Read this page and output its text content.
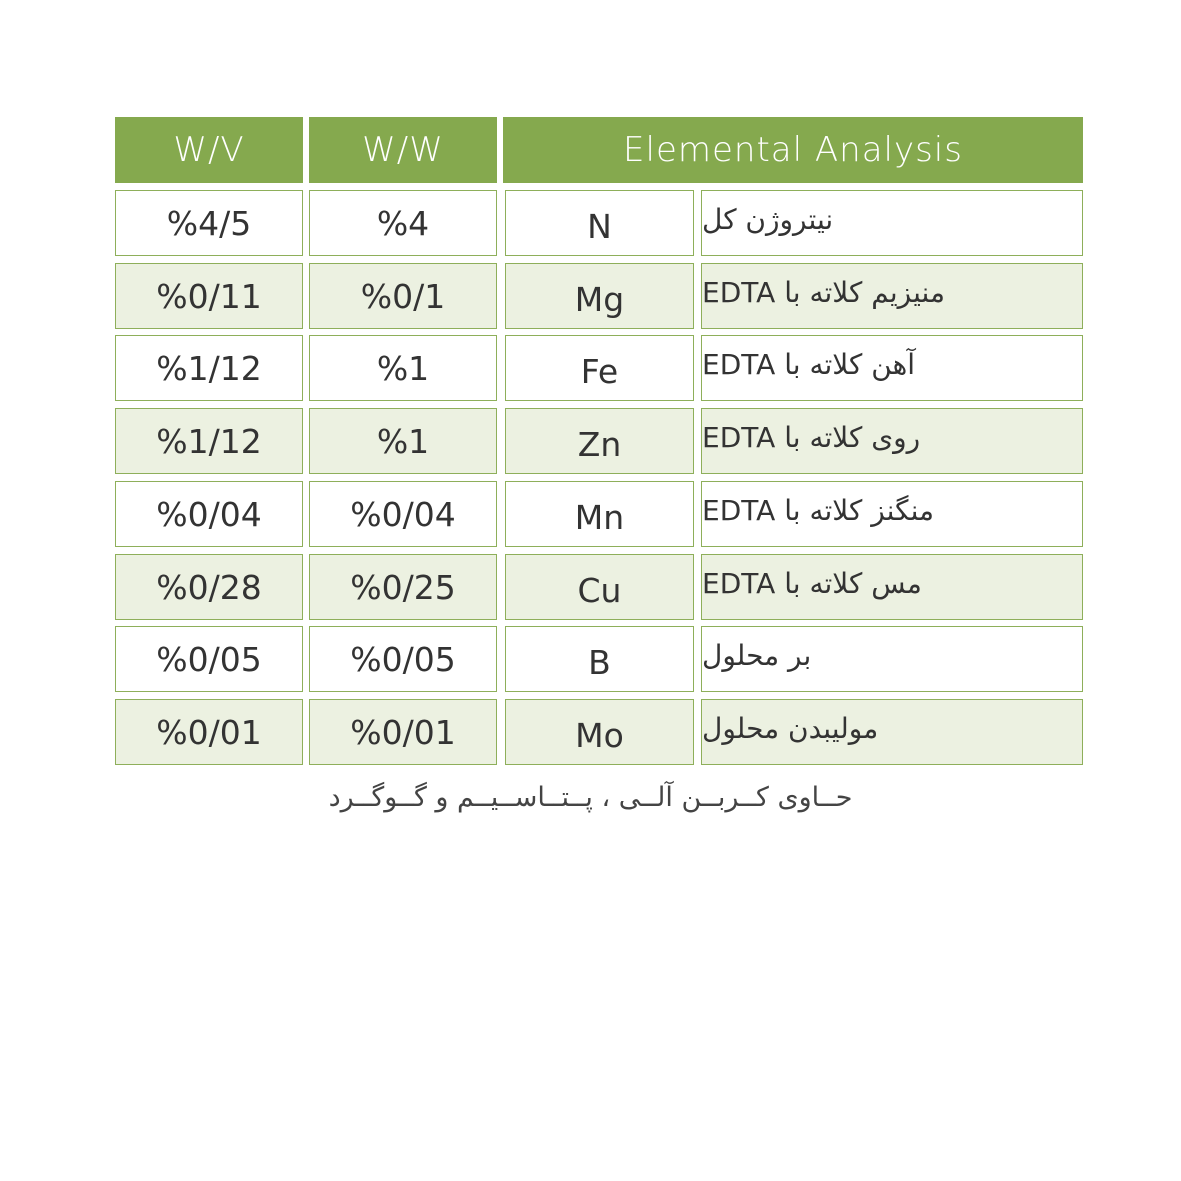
W/V	W/W	Elemental Analysis
%4/5	%4	N	نیتروژن کل
%0/11	%0/1	Mg	منیزیم کلاته با EDTA
%1/12	%1	Fe	آهن کلاته با EDTA
%1/12	%1	Zn	روی کلاته با EDTA
%0/04	%0/04	Mn	منگنز کلاته با EDTA
%0/28	%0/25	Cu	مس کلاته با EDTA
%0/05	%0/05	B	بر محلول
%0/01	%0/01	Mo	مولیبدن محلول
حــاوی کــربــن آلــی ، پــتــاســیــم و گــوگــرد
